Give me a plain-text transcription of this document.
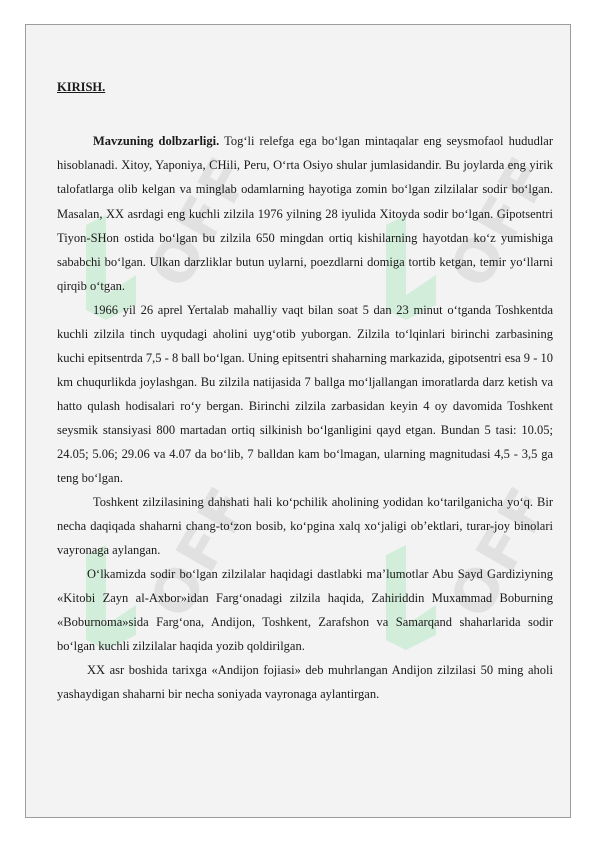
OFF	OFF
OFF	OFF
KIRISH.

Mavzuning dolbzarligi. Tog‘li relefga ega bo‘lgan mintaqalar eng seysmofaol hududlar hisoblanadi. Xitoy, Yaponiya, CHili, Peru, O‘rta Osiyo shular jumlasidandir. Bu joylarda eng yirik talofatlarga olib kelgan va minglab odamlarning hayotiga zomin bo‘lgan zilzilalar sodir bo‘lgan. Masalan, XX asrdagi eng kuchli zilzila 1976 yilning 28 iyulida Xitoyda sodir bo‘lgan. Gipotsentri Tiyon-SHon ostida bo‘lgan bu zilzila 650 mingdan ortiq kishilarning hayotdan ko‘z yumishiga sababchi bo‘lgan. Ulkan darzliklar butun uylarni, poezdlarni domiga tortib ketgan, temir yo‘llarni qirqib o‘tgan.

1966 yil 26 aprel Yertalab mahalliy vaqt bilan soat 5 dan 23 minut o‘tganda Toshkentda kuchli zilzila tinch uyqudagi aholini uyg‘otib yuborgan. Zilzila to‘lqinlari birinchi zarbasining kuchi epitsentrda 7,5 - 8 ball bo‘lgan. Uning epitsentri shaharning markazida, gipotsentri esa 9 - 10 km chuqurlikda joylashgan. Bu zilzila natijasida 7 ballga mo‘ljallangan imoratlarda darz ketish va hatto qulash hodisalari ro‘y bergan. Birinchi zilzila zarbasidan keyin 4 oy davomida Toshkent seysmik stansiyasi 800 martadan ortiq silkinish bo‘lganligini qayd etgan. Bundan 5 tasi: 10.05; 24.05; 5.06; 29.06 va 4.07 da bo‘lib, 7 balldan kam bo‘lmagan, ularning magnitudasi 4,5 - 3,5 ga teng bo‘lgan.

Toshkent zilzilasining dahshati hali ko‘pchilik aholining yodidan ko‘tarilganicha yo‘q. Bir necha daqiqada shaharni chang-to‘zon bosib, ko‘pgina xalq xo‘jaligi ob’ektlari, turar-joy binolari vayronaga aylangan.

O‘lkamizda sodir bo‘lgan zilzilalar haqidagi dastlabki ma’lumotlar Abu Sayd Gardiziyning «Kitobi Zayn al-Axbor»idan Farg‘onadagi zilzila haqida, Zahiriddin Muxammad Boburning «Boburnoma»sida Farg‘ona, Andijon, Toshkent, Zarafshon va Samarqand shaharlarida sodir bo‘lgan kuchli zilzilalar haqida yozib qoldirilgan.

XX asr boshida tarixga «Andijon fojiasi» deb muhrlangan Andijon zilzilasi 50 ming aholi yashaydigan shaharni bir necha soniyada vayronaga aylantirgan.
